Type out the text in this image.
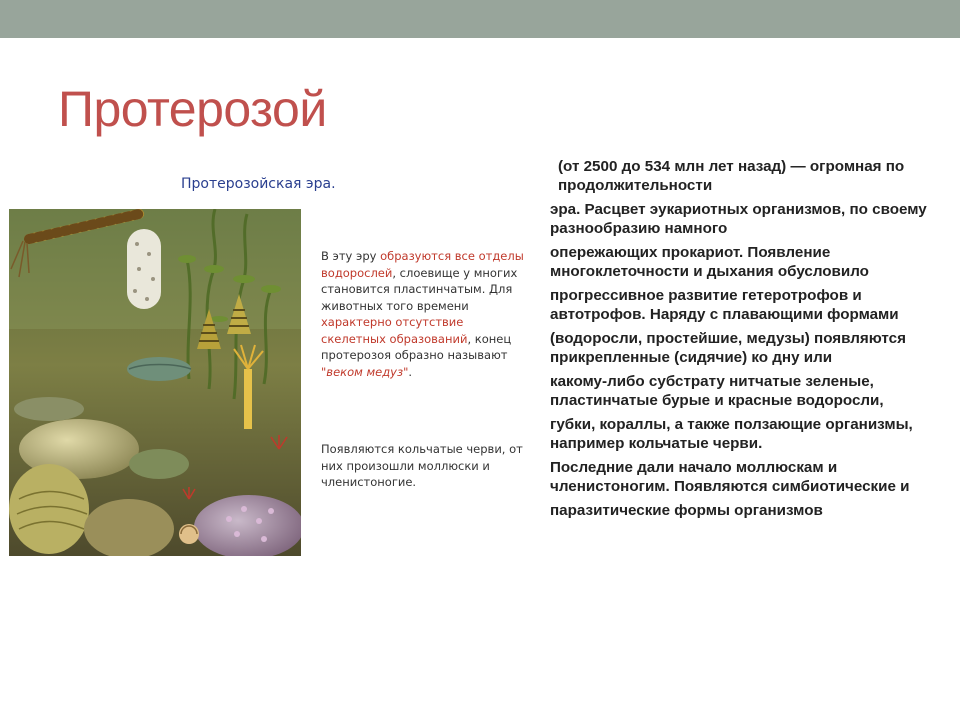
Протерозой
Протерозойская эра.

В эту эру образуются все отделы водорослей, слоевище у многих становится пластинчатым. Для животных того времени характерно отсутствие скелетных образований, конец протерозоя образно называют "веком медуз".

Появляются кольчатые черви, от них произошли моллюски и членистоногие.

(от 2500 до 534 млн лет назад) — огромная по продолжительности

эра. Расцвет эукариотных организмов, по своему разнообразию намного

опережающих прокариот. Появление многоклеточности и дыхания обусловило

прогрессивное развитие гетеротрофов и автотрофов. Наряду с плавающими формами

(водоросли, простейшие, медузы) появляются прикрепленные (сидячие) ко дну или

какому-либо субстрату нитчатые зеленые, пластинчатые бурые и красные водоросли,

губки, кораллы, а также ползающие организмы, например кольчатые черви.

Последние дали начало моллюскам и членистоногим. Появляются симбиотические и

паразитические формы организмов
